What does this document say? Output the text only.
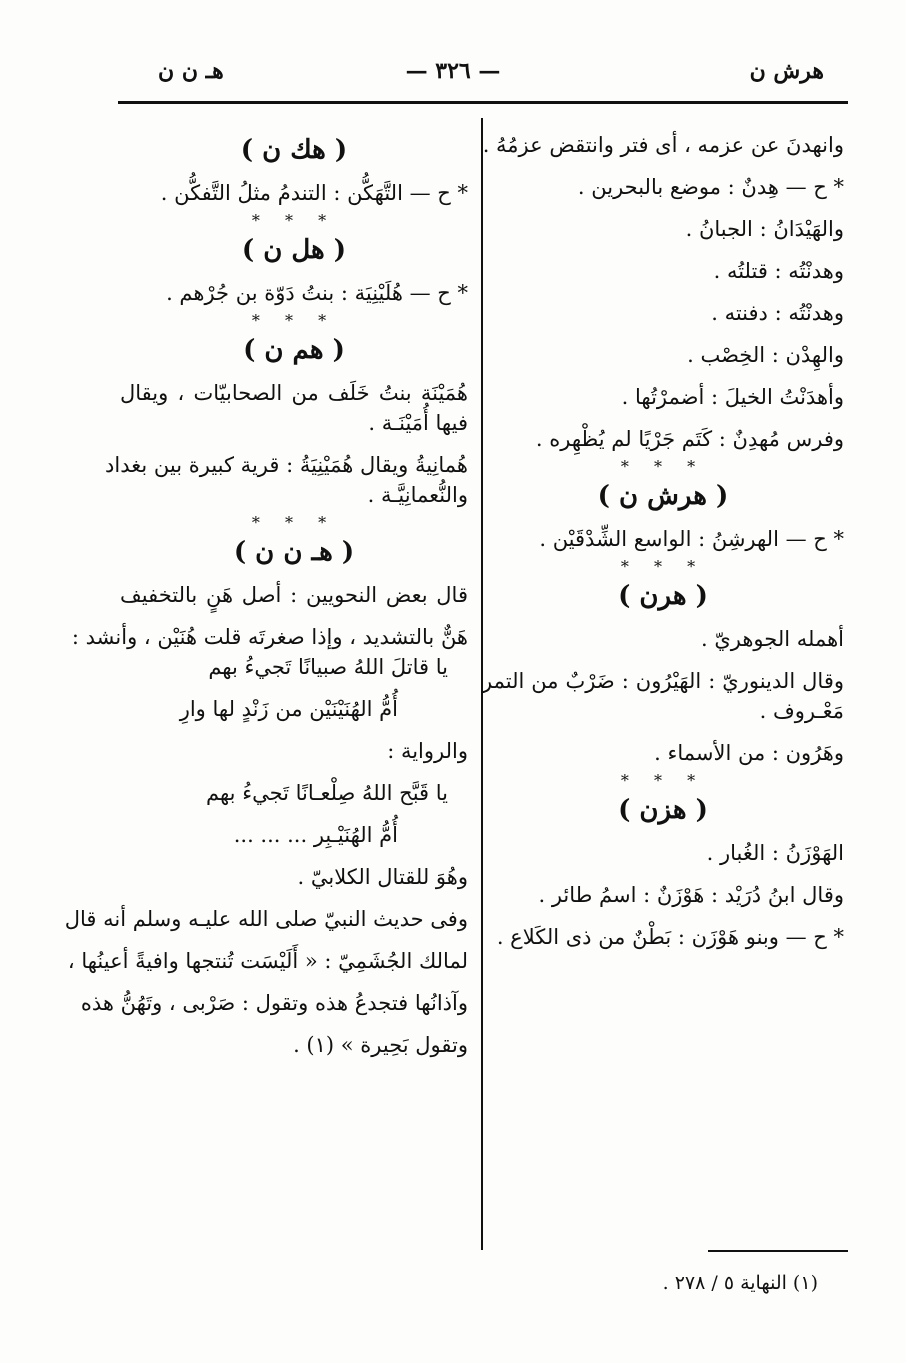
هرش ن
— ٣٢٦ —
هـ ن ن
وانهدنَ عن عزمه ، أى فتر وانتقض عزمُهُ .
* ح — هِدنٌ : موضع بالبحرين .
والهَيْدَانُ : الجبانُ .
وهدنْتُه : قتلتُه .
وهدنْتُه : دفنته .
والهِدْن : الخِصْب .
وأهدَنْتُ الخيلَ : أضمرْتُها .
وفرس مُهدِنٌ : كَتَم جَرْيًا لم يُظْهِره .
* * *
( هرش ن )
* ح — الهرشِنُ : الواسع الشِّدْقَيْن .
* * *
( هرن )
أهمله الجوهريّ .
وقال الدينوريّ : الهَيْرُون : ضَرْبٌ من التمر
مَعْـروف .
وهَرُون : من الأسماء .
* * *
( هزن )
الهَوْزَنُ : الغُبار .
وقال ابنُ دُرَيْد : هَوْزَنٌ : اسمُ طائر .
* ح — وبنو هَوْزَن : بَطْنٌ من ذى الكَلاع .
( هك ن )
* ح — التَّهَكُّن : التندمُ مثلُ التَّفكُّن .
* * *
( هل ن )
* ح — هُلَيْنِيَة : بنتُ دَوّة بن جُرْهم .
* * *
( هم ن )
هُمَيْنَة بنتُ خَلَف من الصحابيّات ، ويقال
فيها أُمَيْنَـة .
هُمانِيةُ ويقال هُمَيْنِيَةُ : قرية كبيرة بين بغداد
والنُّعمانِيَّـة .
* * *
( هـ ن ن )
قال بعض النحويين : أصل هَنٍ بالتخفيف
هَنٌّ بالتشديد ، وإذا صغرتَه قلت هُنَيْن ، وأنشد :
يا قاتلَ اللهُ صبيانًا تَجيءُ بهم
أُمُّ الهُنَيْنَيْن من زَنْدٍ لها وارِ
والرواية :
يا قَبَّح اللهُ صِلْعـانًا تَجيءُ بهم
أُمُّ الهُنَيْـبِر ... ... ...
وهُوَ للقتال الكلابيّ .
وفى حديث النبيّ صلى الله عليـه وسلم أنه قال
لمالك الجُشَمِيّ : « أَلَيْسَت تُنتجها وافيةً أعينُها ،
وآذانُها فتجدعُ هذه وتقول : صَرْبى ، وتَهُنُّ هذه
وتقول بَحِيرة » (١) .
(١) النهاية ٥ / ٢٧٨ .
